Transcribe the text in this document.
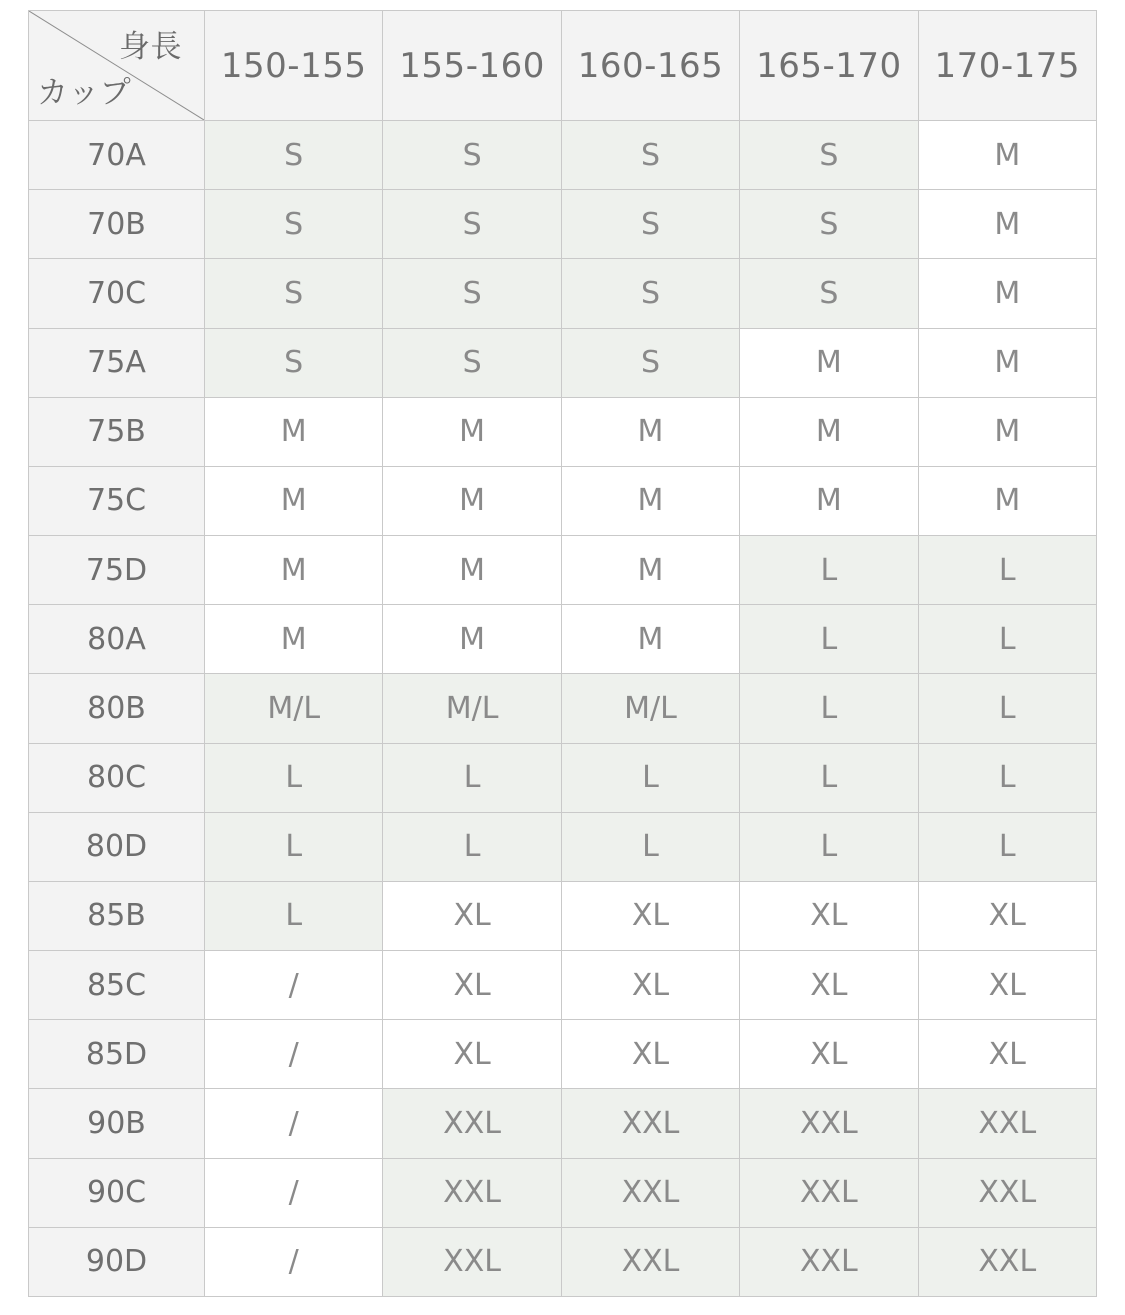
身長
カップ	150-155	155-160	160-165	165-170	170-175
70A	S	S	S	S	M
70B	S	S	S	S	M
70C	S	S	S	S	M
75A	S	S	S	M	M
75B	M	M	M	M	M
75C	M	M	M	M	M
75D	M	M	M	L	L
80A	M	M	M	L	L
80B	M/L	M/L	M/L	L	L
80C	L	L	L	L	L
80D	L	L	L	L	L
85B	L	XL	XL	XL	XL
85C	/	XL	XL	XL	XL
85D	/	XL	XL	XL	XL
90B	/	XXL	XXL	XXL	XXL
90C	/	XXL	XXL	XXL	XXL
90D	/	XXL	XXL	XXL	XXL
